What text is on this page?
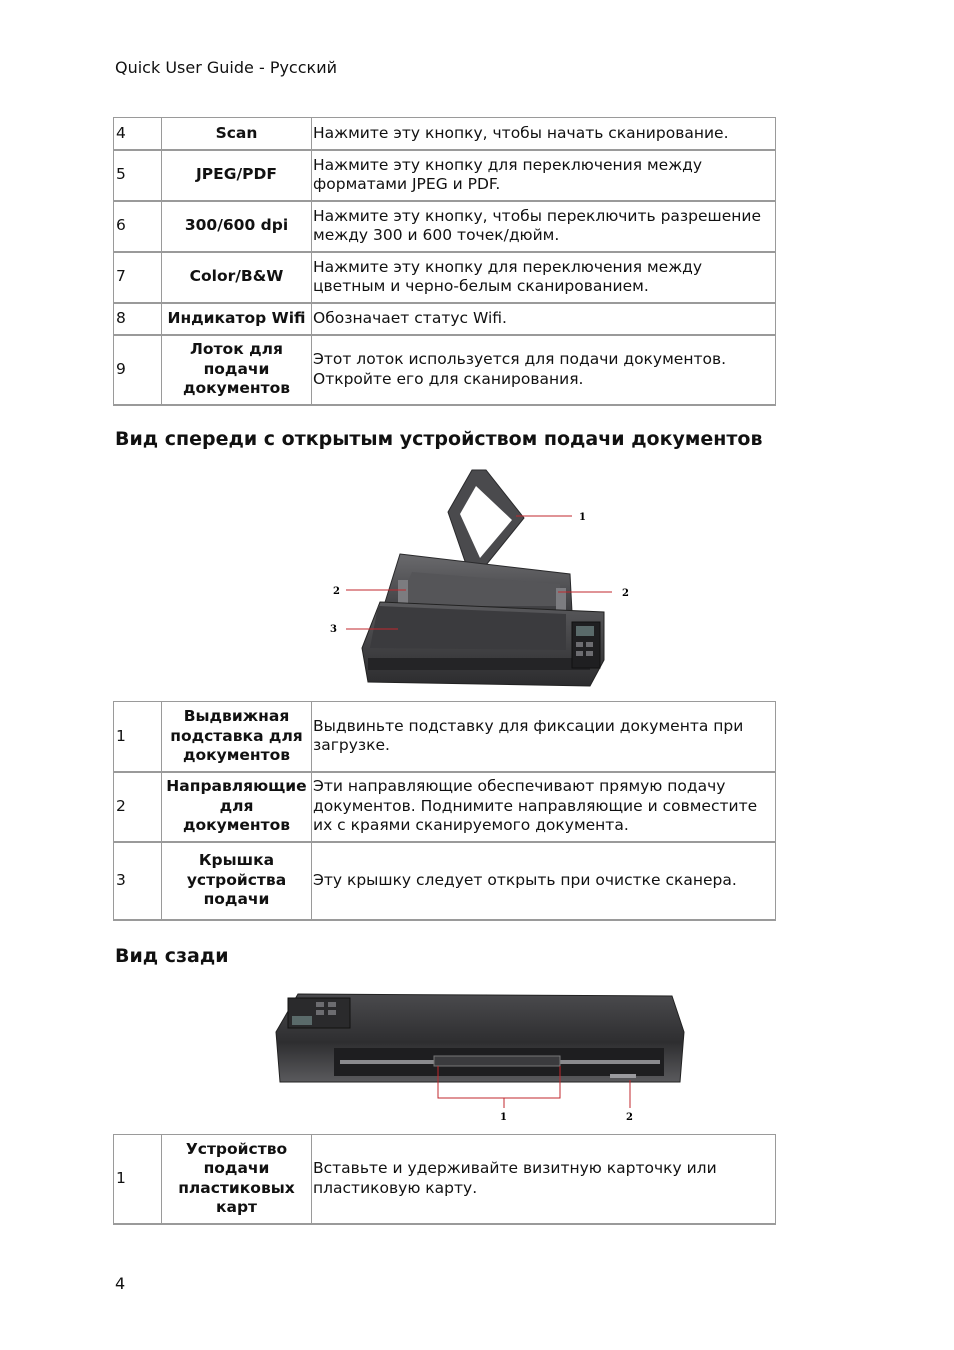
Quick User Guide - Русский
4	Scan	Нажмите эту кнопку, чтобы начать сканирование.
5	JPEG/PDF	Нажмите эту кнопку для переключения между форматами JPEG и PDF.
6	300/600 dpi	Нажмите эту кнопку, чтобы переключить разрешение между 300 и 600 точек/дюйм.
7	Color/B&W	Нажмите эту кнопку для переключения между цветным и черно-белым сканированием.
8	Индикатор Wifi	Обозначает статус Wifi.
9	Лоток для подачи документов	Этот лоток используется для подачи документов. Откройте его для сканирования.
Вид спереди с открытым устройством подачи документов
1
2	2
3
1	Выдвижная подставка для документов	Выдвиньте подставку для фиксации документа при загрузке.
2	Направляющие для документов	Эти направляющие обеспечивают прямую подачу документов. Поднимите направляющие и совместите их с краями сканируемого документа.
3	Крышка устройства подачи	Эту крышку следует открыть при очистке сканера.
Вид сзади
1	2
1	Устройство подачи пластиковых карт	Вставьте и удерживайте визитную карточку или пластиковую карту.
4
